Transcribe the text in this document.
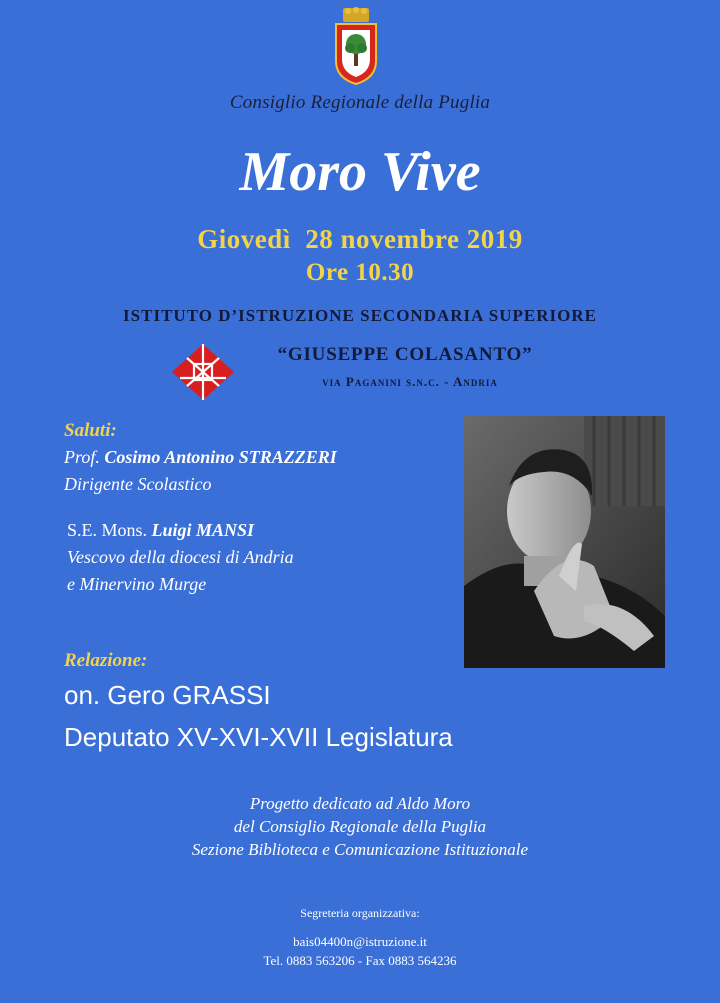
Consiglio Regionale della Puglia
Moro Vive
Giovedì  28 novembre 2019
Ore 10.30
ISTITUTO D’ISTRUZIONE SECONDARIA SUPERIORE
“GIUSEPPE COLASANTO”
via Paganini s.n.c. - Andria
Saluti:
Prof. Cosimo Antonino STRAZZERI
Dirigente Scolastico
S.E. Mons. Luigi MANSI
Vescovo della diocesi di Andria
e Minervino Murge
Relazione:
on. Gero GRASSI
Deputato XV-XVI-XVII Legislatura
Progetto dedicato ad Aldo Moro
del Consiglio Regionale della Puglia
Sezione Biblioteca e Comunicazione Istituzionale
Segreteria organizzativa:
bais04400n@istruzione.it
Tel. 0883 563206 - Fax 0883 564236
